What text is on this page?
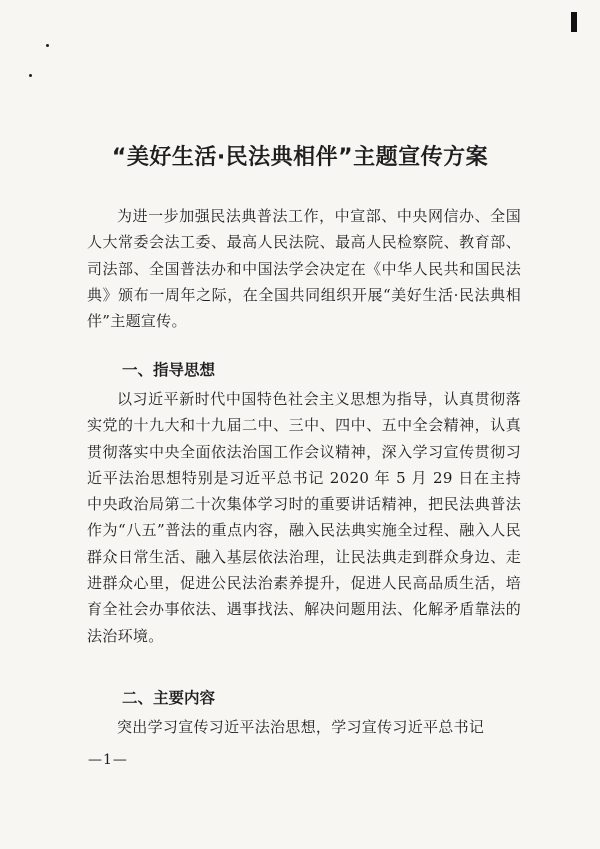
“美好生活·民法典相伴”主题宣传方案

为进一步加强民法典普法工作，中宣部、中央网信办、全国人大常委会法工委、最高人民法院、最高人民检察院、教育部、司法部、全国普法办和中国法学会决定在《中华人民共和国民法典》颁布一周年之际，在全国共同组织开展“美好生活·民法典相伴”主题宣传。

一、指导思想

以习近平新时代中国特色社会主义思想为指导，认真贯彻落实党的十九大和十九届二中、三中、四中、五中全会精神，认真贯彻落实中央全面依法治国工作会议精神，深入学习宣传贯彻习近平法治思想特别是习近平总书记 2020 年 5 月 29 日在主持中央政治局第二十次集体学习时的重要讲话精神，把民法典普法作为“八五”普法的重点内容，融入民法典实施全过程、融入人民群众日常生活、融入基层依法治理，让民法典走到群众身边、走进群众心里，促进公民法治素养提升，促进人民高品质生活，培育全社会办事依法、遇事找法、解决问题用法、化解矛盾靠法的法治环境。

二、主要内容

突出学习宣传习近平法治思想，学习宣传习近平总书记

—1—
